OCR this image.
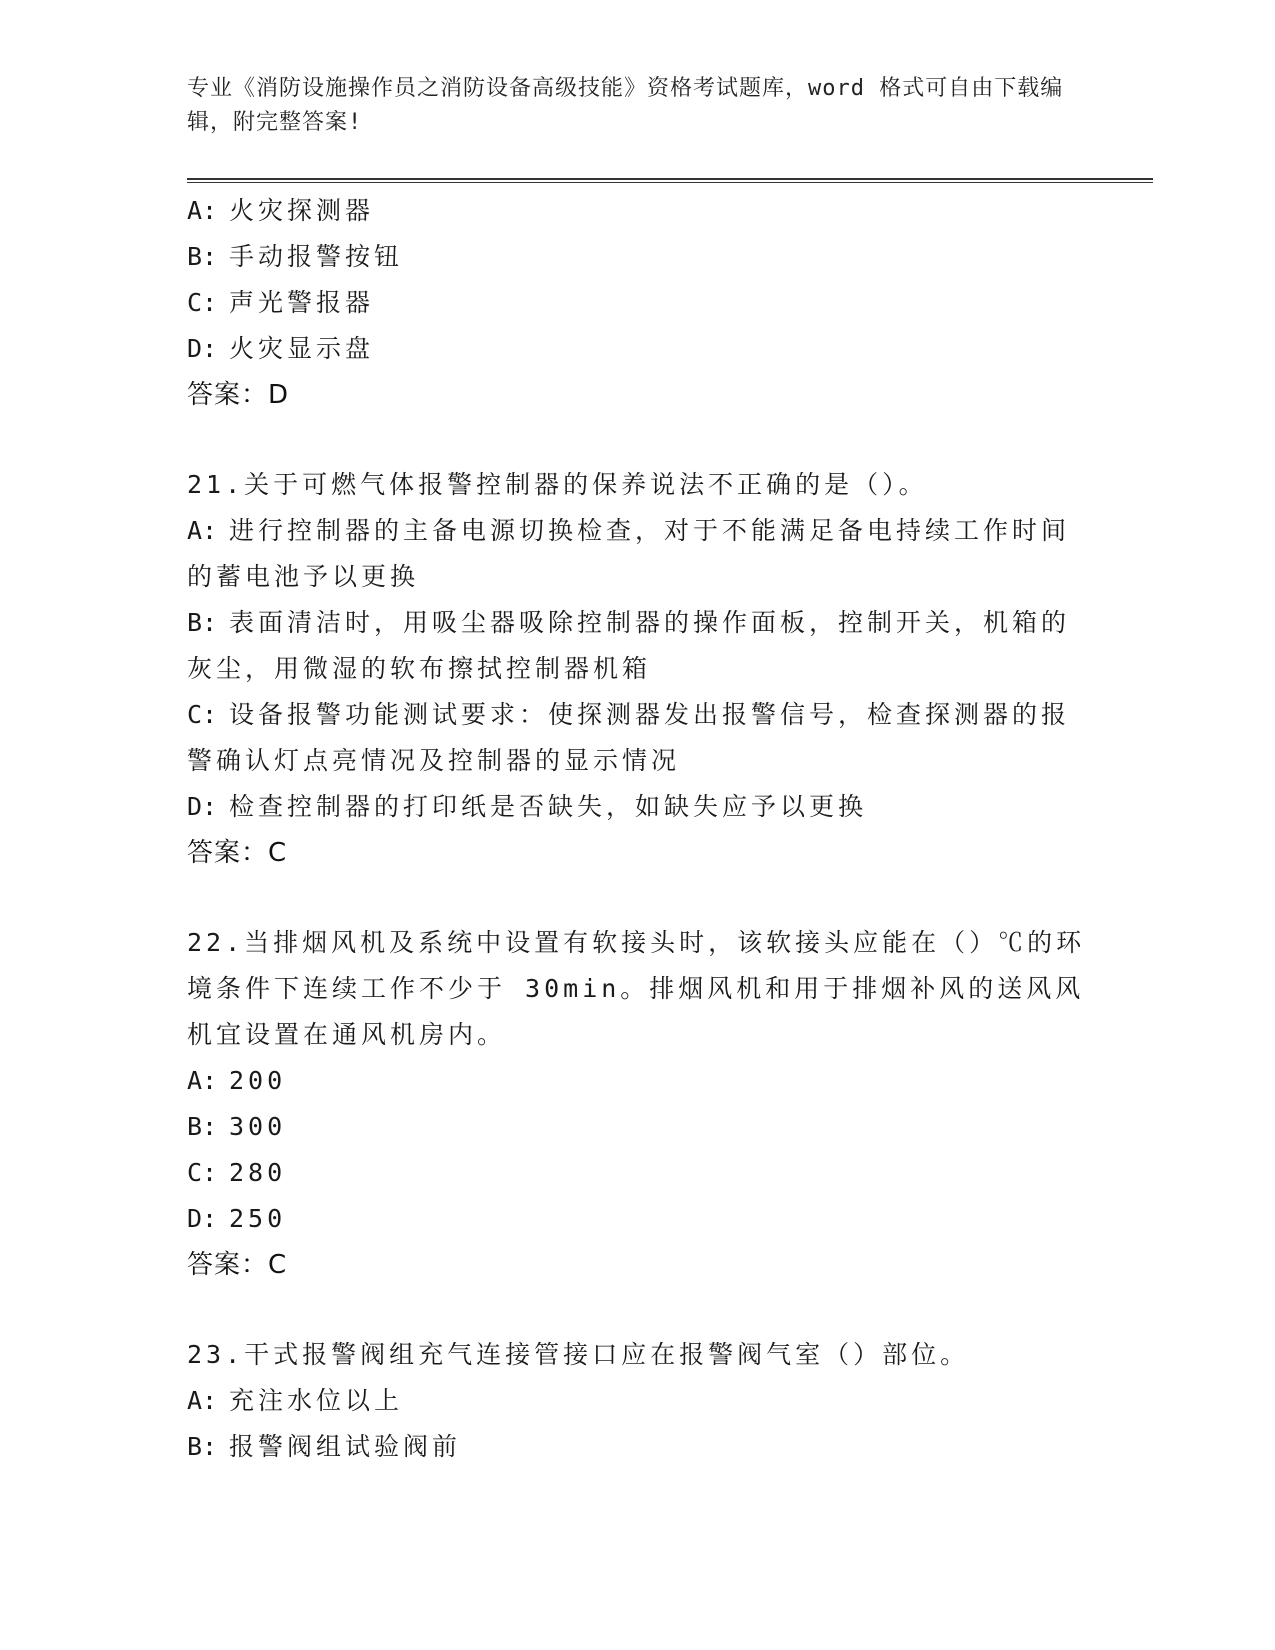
专业《消防设施操作员之消防设备高级技能》资格考试题库，word 格式可自由下载编辑，附完整答案!
A: 火灾探测器
B: 手动报警按钮
C: 声光警报器
D: 火灾显示盘
答案：D
21.关于可燃气体报警控制器的保养说法不正确的是（）。
A: 进行控制器的主备电源切换检查，对于不能满足备电持续工作时间的蓄电池予以更换
B: 表面清洁时，用吸尘器吸除控制器的操作面板，控制开关，机箱的灰尘，用微湿的软布擦拭控制器机箱
C: 设备报警功能测试要求：使探测器发出报警信号，检查探测器的报警确认灯点亮情况及控制器的显示情况
D: 检查控制器的打印纸是否缺失，如缺失应予以更换
答案：C
22.当排烟风机及系统中设置有软接头时，该软接头应能在（）℃的环境条件下连续工作不少于 30min。排烟风机和用于排烟补风的送风风机宜设置在通风机房内。
A: 200
B: 300
C: 280
D: 250
答案：C
23.干式报警阀组充气连接管接口应在报警阀气室（）部位。
A: 充注水位以上
B: 报警阀组试验阀前
